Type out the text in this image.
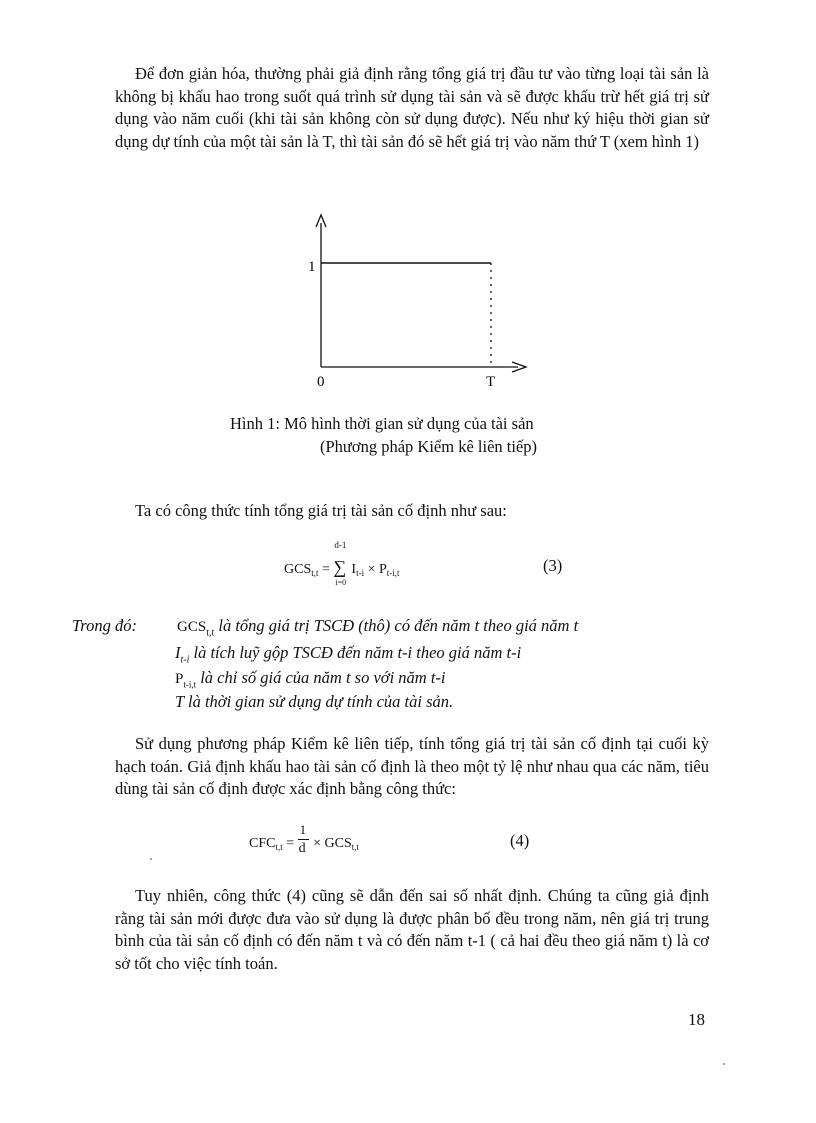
Để đơn giản hóa, thường phải giả định rằng tổng giá trị đầu tư vào từng loại tài sản là không bị khấu hao trong suốt quá trình sử dụng tài sản và sẽ được khấu trừ hết giá trị sử dụng vào năm cuối (khi tài sản không còn sử dụng được). Nếu như ký hiệu thời gian sử dụng dự tính của một tài sản là T, thì tài sản đó sẽ hết giá trị vào năm thứ T (xem hình 1)

1
0	T

Hình 1: Mô hình thời gian sử dụng của tài sản

(Phương pháp Kiểm kê liên tiếp)

Ta có công thức tính tổng giá trị tài sản cố định như sau:

$GCS_{t,t}$ =
d-1
∑
i=0
$I_{t-i} \times P_{t-i,t}$	(3)
Trong đó:	$GCS_{t,t}$ là tổng giá trị TSCĐ (thô) có đến năm t theo giá năm t
$I_{t-i}$ là tích luỹ gộp TSCĐ đến năm t-i theo giá năm t-i
$P_{t-i,t}$ là chỉ số giá của năm t so với năm t-i
T là thời gian sử dụng dự tính của tài sản.

Sử dụng phương pháp Kiểm kê liên tiếp, tính tổng giá trị tài sản cố định tại cuối kỳ hạch toán. Giả định khấu hao tài sản cố định là theo một tỷ lệ như nhau qua các năm, tiêu dùng tài sản cố định được xác định bằng công thức:

$CFC_{t,t} = \frac{1}{d} \times GCS_{t,t}$	(4)

Tuy nhiên, công thức (4) cũng sẽ dẫn đến sai số nhất định. Chúng ta cũng giả định rằng tài sản mới được đưa vào sử dụng là được phân bố đều trong năm, nên giá trị trung bình của tài sản cố định có đến năm t và có đến năm t-1 ( cả hai đều theo giá năm t) là cơ sở tốt cho việc tính toán.

18
